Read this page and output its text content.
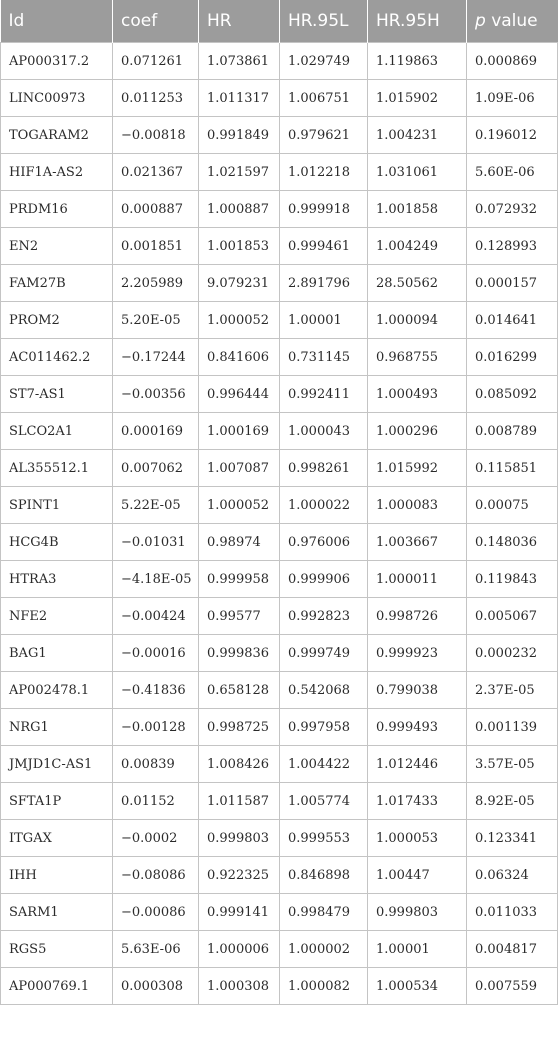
Id	coef	HR	HR.95L	HR.95H	p value
AP000317.2	0.071261	1.073861	1.029749	1.119863	0.000869
LINC00973	0.011253	1.011317	1.006751	1.015902	1.09E-06
TOGARAM2	−0.00818	0.991849	0.979621	1.004231	0.196012
HIF1A-AS2	0.021367	1.021597	1.012218	1.031061	5.60E-06
PRDM16	0.000887	1.000887	0.999918	1.001858	0.072932
EN2	0.001851	1.001853	0.999461	1.004249	0.128993
FAM27B	2.205989	9.079231	2.891796	28.50562	0.000157
PROM2	5.20E-05	1.000052	1.00001	1.000094	0.014641
AC011462.2	−0.17244	0.841606	0.731145	0.968755	0.016299
ST7-AS1	−0.00356	0.996444	0.992411	1.000493	0.085092
SLCO2A1	0.000169	1.000169	1.000043	1.000296	0.008789
AL355512.1	0.007062	1.007087	0.998261	1.015992	0.115851
SPINT1	5.22E-05	1.000052	1.000022	1.000083	0.00075
HCG4B	−0.01031	0.98974	0.976006	1.003667	0.148036
HTRA3	−4.18E-05	0.999958	0.999906	1.000011	0.119843
NFE2	−0.00424	0.99577	0.992823	0.998726	0.005067
BAG1	−0.00016	0.999836	0.999749	0.999923	0.000232
AP002478.1	−0.41836	0.658128	0.542068	0.799038	2.37E-05
NRG1	−0.00128	0.998725	0.997958	0.999493	0.001139
JMJD1C-AS1	0.00839	1.008426	1.004422	1.012446	3.57E-05
SFTA1P	0.01152	1.011587	1.005774	1.017433	8.92E-05
ITGAX	−0.0002	0.999803	0.999553	1.000053	0.123341
IHH	−0.08086	0.922325	0.846898	1.00447	0.06324
SARM1	−0.00086	0.999141	0.998479	0.999803	0.011033
RGS5	5.63E-06	1.000006	1.000002	1.00001	0.004817
AP000769.1	0.000308	1.000308	1.000082	1.000534	0.007559
